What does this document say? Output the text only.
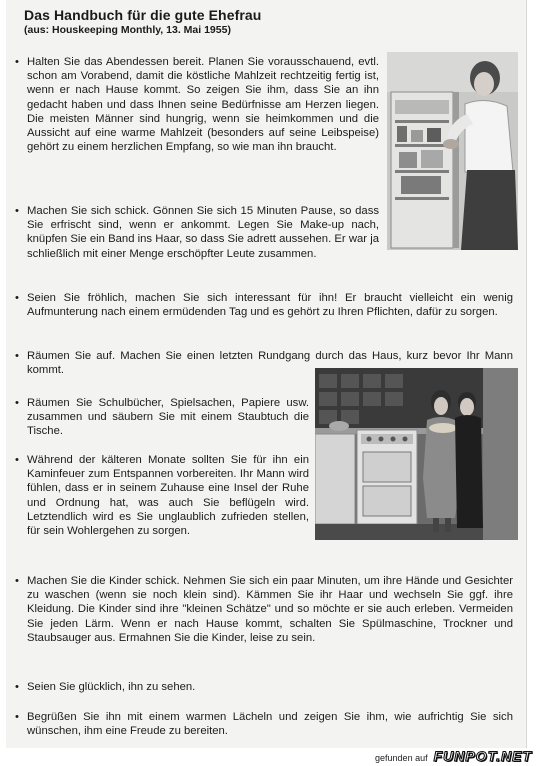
Das Handbuch für die gute Ehefrau
(aus: Houskeeping Monthly, 13. Mai 1955)
• Halten Sie das Abendessen bereit. Planen Sie vorausschauend, evtl. schon am Vorabend, damit die köstliche Mahlzeit rechtzeitig fertig ist, wenn er nach Hause kommt. So zeigen Sie ihm, dass Sie an ihn gedacht haben und dass Ihnen seine Bedürfnisse am Herzen liegen. Die meisten Männer sind hungrig, wenn sie heimkommen und die Aussicht auf eine warme Mahlzeit (besonders auf seine Leibspeise) gehört zu einem herzlichen Empfang, so wie man ihn braucht.
• Machen Sie sich schick. Gönnen Sie sich 15 Minuten Pause, so dass Sie erfrischt sind, wenn er ankommt. Legen Sie Make-up nach, knüpfen Sie ein Band ins Haar, so dass Sie adrett aussehen. Er war ja schließlich mit einer Menge erschöpfter Leute zusammen.
• Seien Sie fröhlich, machen Sie sich interessant für ihn! Er braucht vielleicht ein wenig Aufmunterung nach einem ermüdenden Tag und es gehört zu Ihren Pflichten, dafür zu sorgen.
• Räumen Sie auf. Machen Sie einen letzten Rundgang durch das Haus, kurz bevor Ihr Mann kommt.
• Räumen Sie Schulbücher, Spielsachen, Papiere usw. zusammen und säubern Sie mit einem Staubtuch die Tische.
• Während der kälteren Monate sollten Sie für ihn ein Kaminfeuer zum Entspannen vorbereiten. Ihr Mann wird fühlen, dass er in seinem Zuhause eine Insel der Ruhe und Ordnung hat, was auch Sie beflügeln wird. Letztendlich wird es Sie unglaublich zufrieden stellen, für sein Wohlergehen zu sorgen.
• Machen Sie die Kinder schick. Nehmen Sie sich ein paar Minuten, um ihre Hände und Gesichter zu waschen (wenn sie noch klein sind). Kämmen Sie ihr Haar und wechseln Sie ggf. ihre Kleidung. Die Kinder sind ihre "kleinen Schätze" und so möchte er sie auch erleben. Vermeiden Sie jeden Lärm. Wenn er nach Hause kommt, schalten Sie Spülmaschine, Trockner und Staubsauger aus. Ermahnen Sie die Kinder, leise zu sein.
• Seien Sie glücklich, ihn zu sehen.
• Begrüßen Sie ihn mit einem warmen Lächeln und zeigen Sie ihm, wie aufrichtig Sie sich wünschen, ihm eine Freude zu bereiten.
gefunden auf FUNPOT.NET
